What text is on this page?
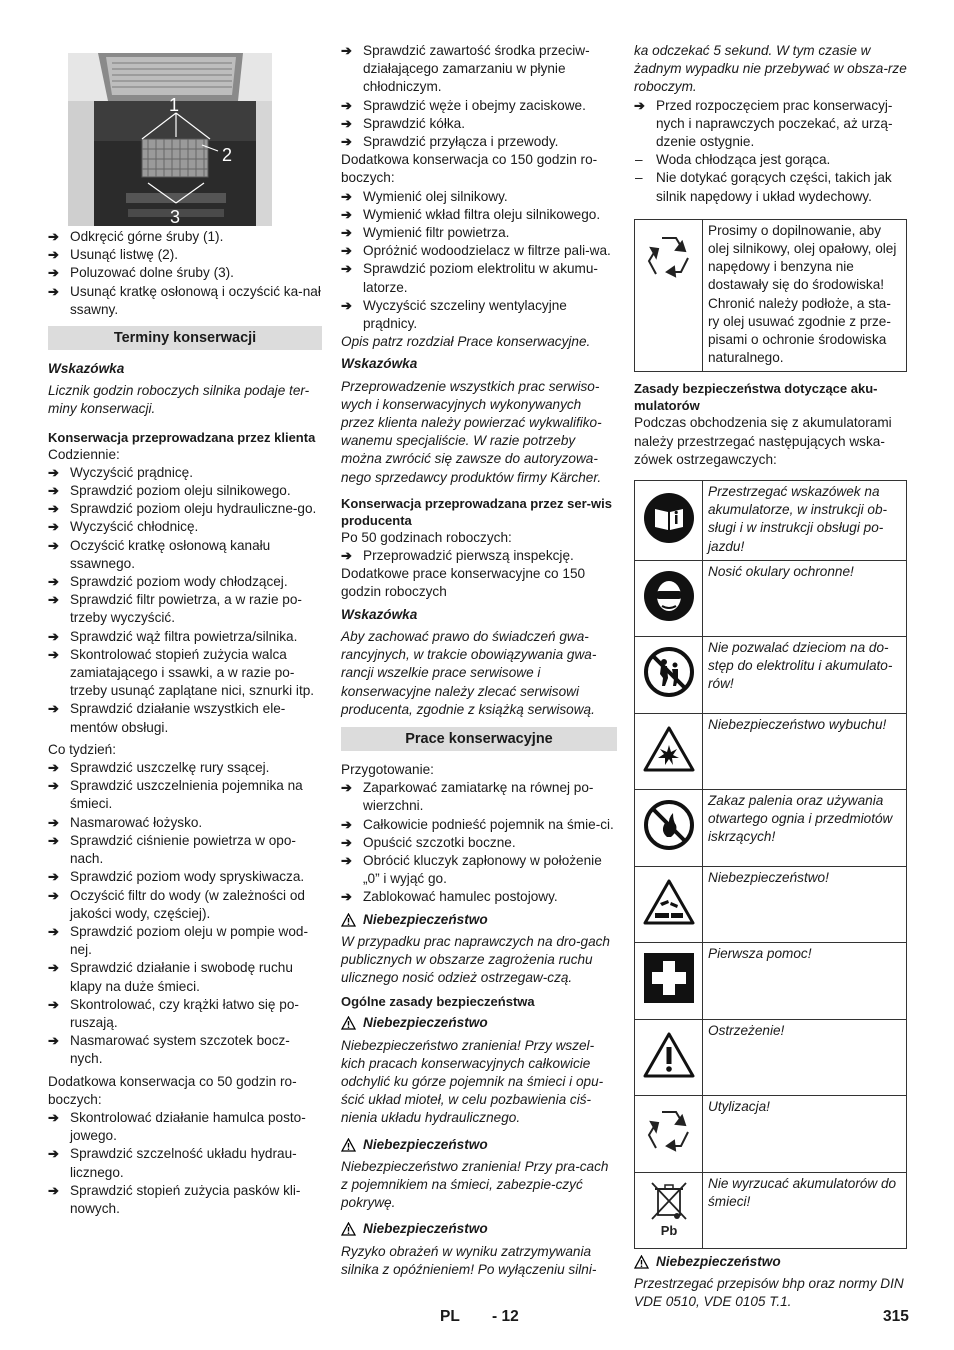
1
2
3
➔ Odkręcić górne śruby (1).
➔ Usunąć listwę (2).
➔ Poluzować dolne śruby (3).
➔ Usunąć kratkę osłonową i oczyścić ka-nał ssawny.
Terminy konserwacji

Wskazówka

Licznik godzin roboczych silnika podaje ter-miny konserwacji.

Konserwacja przeprowadzana przez klienta

Codziennie:

➔ Wyczyścić prądnicę.
➔ Sprawdzić poziom oleju silnikowego.
➔ Sprawdzić poziom oleju hydrauliczne-go.
➔ Wyczyścić chłodnicę.
➔ Oczyścić kratkę osłonową kanału ssawnego.
➔ Sprawdzić poziom wody chłodzącej.
➔ Sprawdzić filtr powietrza, a w razie po-trzeby wyczyścić.
➔ Sprawdzić wąż filtra powietrza/silnika.
➔ Skontrolować stopień zużycia walca zamiatającego i ssawki, a w razie po-trzeby usunąć zaplątane nici, sznurki itp.
➔ Sprawdzić działanie wszystkich ele-mentów obsługi.

Co tydzień:

➔ Sprawdzić uszczelkę rury ssącej.
➔ Sprawdzić uszczelnienia pojemnika na śmieci.
➔ Nasmarować łożysko.
➔ Sprawdzić ciśnienie powietrza w opo-nach.
➔ Sprawdzić poziom wody spryskiwacza.
➔ Oczyścić filtr do wody (w zależności od jakości wody, częściej).
➔ Sprawdzić poziom oleju w pompie wod-nej.
➔ Sprawdzić działanie i swobodę ruchu klapy na duże śmieci.
➔ Skontrolować, czy krążki łatwo się po-ruszają.
➔ Nasmarować system szczotek bocz-nych.

Dodatkowa konserwacja co 50 godzin ro-boczych:

➔ Skontrolować działanie hamulca posto-jowego.
➔ Sprawdzić szczelność układu hydrau-licznego.
➔ Sprawdzić stopień zużycia pasków kli-nowych.
➔ Sprawdzić zawartość środka przeciw-działającego zamarzaniu w płynie chłodniczym.
➔ Sprawdzić węże i obejmy zaciskowe.
➔ Sprawdzić kółka.
➔ Sprawdzić przyłącza i przewody.

Dodatkowa konserwacja co 150 godzin ro-boczych:

➔ Wymienić olej silnikowy.
➔ Wymienić wkład filtra oleju silnikowego.
➔ Wymienić filtr powietrza.
➔ Opróżnić wodoodzielacz w filtrze pali-wa.
➔ Sprawdzić poziom elektrolitu w akumu-latorze.
➔ Wyczyścić szczeliny wentylacyjne prądnicy.

Opis patrz rozdział Prace konserwacyjne.

Wskazówka

Przeprowadzenie wszystkich prac serwiso-wych i konserwacyjnych wykonywanych przez klienta należy powierzać wykwalifiko-wanemu specjaliście. W razie potrzeby można zwrócić się zawsze do autoryzowa-nego sprzedawcy produktów firmy Kärcher.

Konserwacja przeprowadzana przez ser-wis producenta

Po 50 godzinach roboczych:

➔ Przeprowadzić pierwszą inspekcję.

Dodatkowe prace konserwacyjne co 150 godzin roboczych

Wskazówka

Aby zachować prawo do świadczeń gwa-rancyjnych, w trakcie obowiązywania gwa-rancji wszelkie prace serwisowe i konserwacyjne należy zlecać serwisowi producenta, zgodnie z książką serwisową.

Prace konserwacyjne

Przygotowanie:

➔ Zaparkować zamiatarkę na równej po-wierzchni.
➔ Całkowicie podnieść pojemnik na śmie-ci.
➔ Opuścić szczotki boczne.
➔ Obrócić kluczyk zapłonowy w położenie „0” i wyjąć go.
➔ Zablokować hamulec postojowy.

Niebezpieczeństwo

W przypadku prac naprawczych na dro-gach publicznych w obszarze zagrożenia ruchu ulicznego nosić odzież ostrzegaw-czą.

Ogólne zasady bezpieczeństwa

Niebezpieczeństwo

Niebezpieczeństwo zranienia! Przy wszel-kich pracach konserwacyjnych całkowicie odchylić ku górze pojemnik na śmieci i opu-ścić układ mioteł, w celu pozbawienia ciś-nienia układu hydraulicznego.

Niebezpieczeństwo

Niebezpieczeństwo zranienia! Przy pra-cach z pojemnikiem na śmieci, zabezpie-czyć pokrywę.

Niebezpieczeństwo

Ryzyko obrażeń w wyniku zatrzymywania silnika z opóźnieniem! Po wyłączeniu silni-

ka odczekać 5 sekund. W tym czasie w żadnym wypadku nie przebywać w obsza-rze roboczym.

➔ Przed rozpoczęciem prac konserwacyj-nych i naprawczych poczekać, aż urzą-dzenie ostygnie.
– Woda chłodząca jest gorąca.
– Nie dotykać gorących części, takich jak silnik napędowy i układ wydechowy.
	Prosimy o dopilnowanie, aby olej silnikowy, olej opałowy, olej napędowy i benzyna nie dostawały się do środowiska! Chronić należy podłoże, a sta-ry olej usuwać zgodnie z prze-pisami o ochronie środowiska naturalnego.

Zasady bezpieczeństwa dotyczące aku-mulatorów

Podczas obchodzenia się z akumulatorami należy przestrzegać następujących wska-zówek ostrzegawczych:

	Przestrzegać wskazówek na akumulatorze, w instrukcji ob-sługi i w instrukcji obsługi po-jazdu!
	Nosić okulary ochronne!
	Nie pozwalać dzieciom na do-stęp do elektrolitu i akumulato-rów!
	Niebezpieczeństwo wybuchu!
	Zakaz palenia oraz używania otwartego ognia i przedmiotów iskrzących!
	Niebezpieczeństwo!
	Pierwsza pomoc!
	Ostrzeżenie!
	Utylizacja!

Pb	Nie wyrzucać akumulatorów do śmieci!

Niebezpieczeństwo

Przestrzegać przepisów bhp oraz normy DIN VDE 0510, VDE 0105 T.1.

PL - 12	315
